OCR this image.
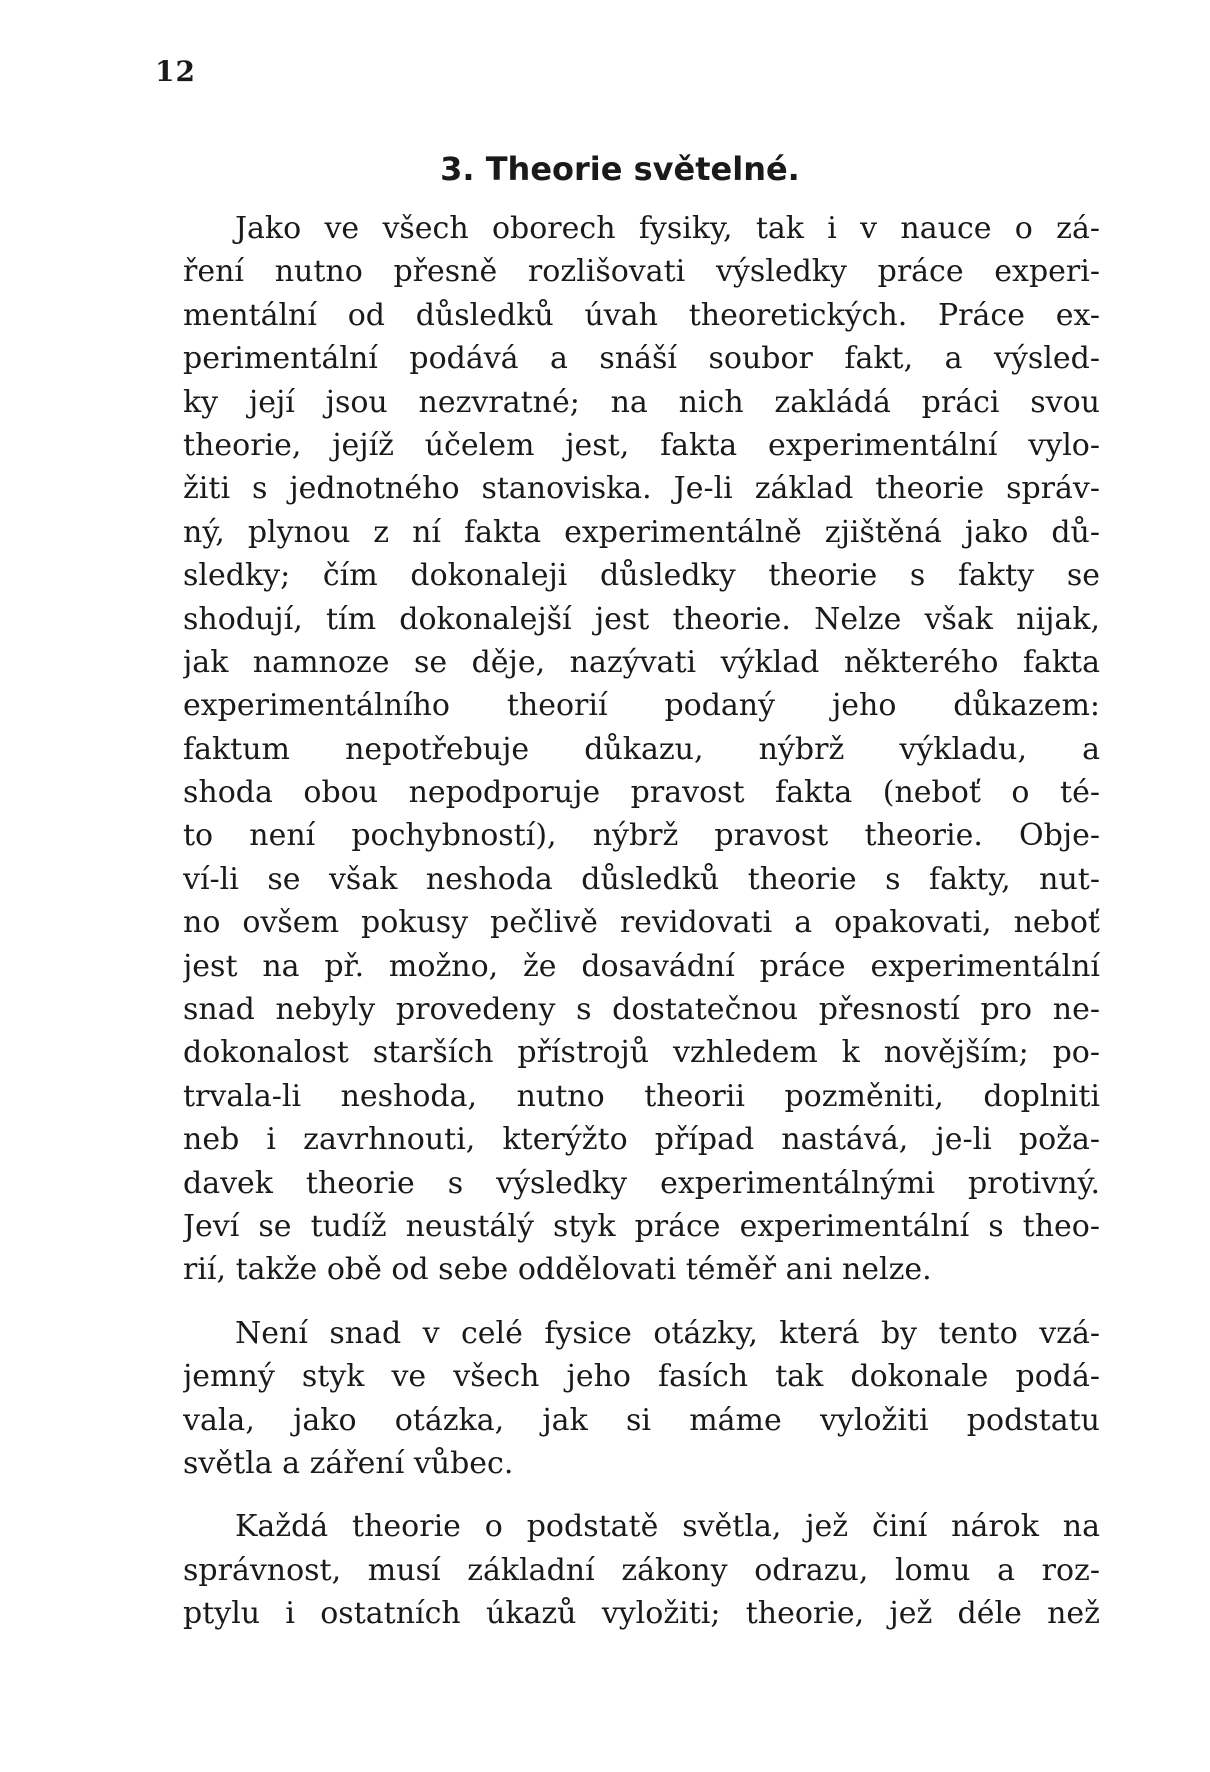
12
3. Theorie světelné.
Jako ve všech oborech fysiky, tak i v nauce o zá-
ření nutno přesně rozlišovati výsledky práce experi-
mentální od důsledků úvah theoretických. Práce ex-
perimentální podává a snáší soubor fakt, a výsled-
ky její jsou nezvratné; na nich zakládá práci svou
theorie, jejíž účelem jest, fakta experimentální vylo-
žiti s jednotného stanoviska. Je-li základ theorie správ-
ný, plynou z ní fakta experimentálně zjištěná jako dů-
sledky; čím dokonaleji důsledky theorie s fakty se
shodují, tím dokonalejší jest theorie. Nelze však nijak,
jak namnoze se děje, nazývati výklad některého fakta
experimentálního theorií podaný jeho důkazem:
faktum nepotřebuje důkazu, nýbrž výkladu, a
shoda obou nepodporuje pravost fakta (neboť o té-
to není pochybností), nýbrž pravost theorie. Obje-
ví-li se však neshoda důsledků theorie s fakty, nut-
no ovšem pokusy pečlivě revidovati a opakovati, neboť
jest na př. možno, že dosavádní práce experimentální
snad nebyly provedeny s dostatečnou přesností pro ne-
dokonalost starších přístrojů vzhledem k novějším; po-
trvala-li neshoda, nutno theorii pozměniti, doplniti
neb i zavrhnouti, kterýžto případ nastává, je-li poža-
davek theorie s výsledky experimentálnými protivný.
Jeví se tudíž neustálý styk práce experimentální s theo-
rií, takže obě od sebe oddělovati téměř ani nelze.
Není snad v celé fysice otázky, která by tento vzá-
jemný styk ve všech jeho fasích tak dokonale podá-
vala, jako otázka, jak si máme vyložiti podstatu
světla a záření vůbec.
Každá theorie o podstatě světla, jež činí nárok na
správnost, musí základní zákony odrazu, lomu a roz-
ptylu i ostatních úkazů vyložiti; theorie, jež déle než
